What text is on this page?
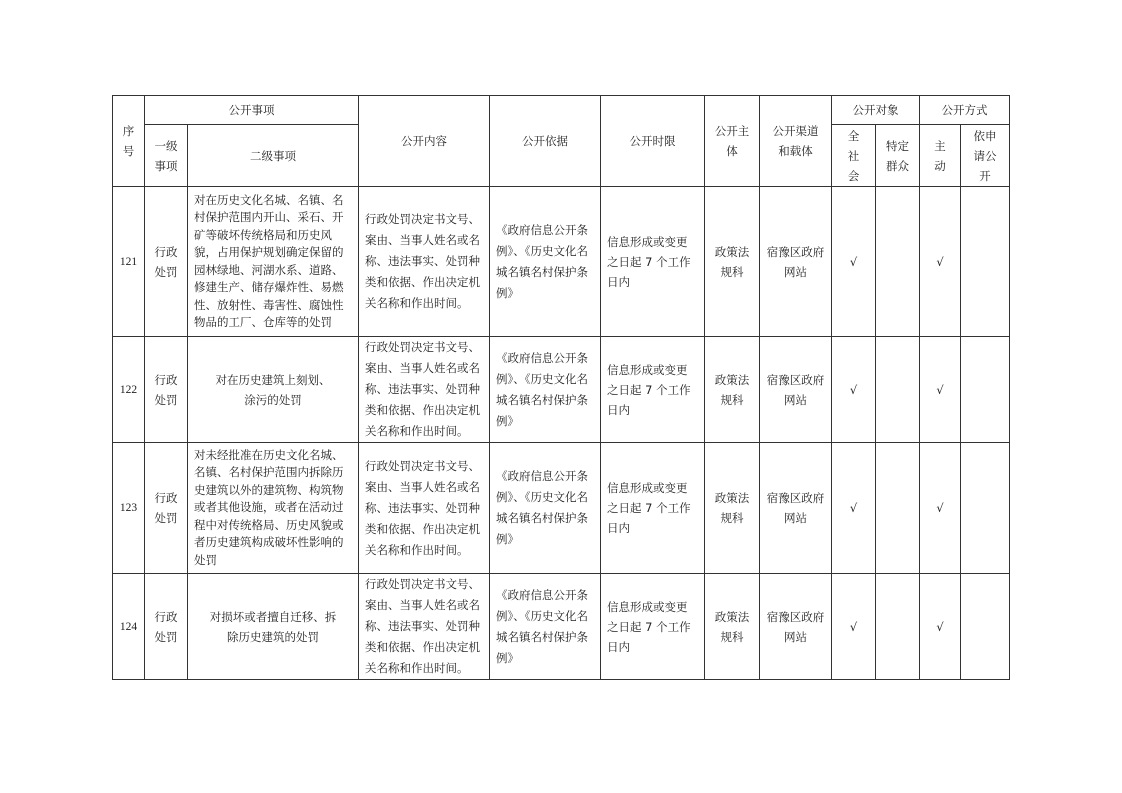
序号	公开事项		公开内容	公开依据	公开时限	公开主体	公开渠道和载体	公开对象		公开方式	
	一级事项	二级事项						全社会	特定群众	主动	依申请公开
121	行政处罚	对在历史文化名城、名镇、名村保护范围内开山、采石、开矿等破坏传统格局和历史风貌，占用保护规划确定保留的园林绿地、河湖水系、道路、修建生产、储存爆炸性、易燃性、放射性、毒害性、腐蚀性物品的工厂、仓库等的处罚	行政处罚决定书文号、案由、当事人姓名或名称、违法事实、处罚种类和依据、作出决定机关名称和作出时间。	《政府信息公开条例》、《历史文化名城名镇名村保护条例》	信息形成或变更之日起 7 个工作日内	政策法规科	宿豫区政府网站	√		√	
122	行政处罚	对在历史建筑上刻划、涂污的处罚	行政处罚决定书文号、案由、当事人姓名或名称、违法事实、处罚种类和依据、作出决定机关名称和作出时间。	《政府信息公开条例》、《历史文化名城名镇名村保护条例》	信息形成或变更之日起 7 个工作日内	政策法规科	宿豫区政府网站	√		√	
123	行政处罚	对未经批准在历史文化名城、名镇、名村保护范围内拆除历史建筑以外的建筑物、构筑物或者其他设施，或者在活动过程中对传统格局、历史风貌或者历史建筑构成破坏性影响的处罚	行政处罚决定书文号、案由、当事人姓名或名称、违法事实、处罚种类和依据、作出决定机关名称和作出时间。	《政府信息公开条例》、《历史文化名城名镇名村保护条例》	信息形成或变更之日起 7 个工作日内	政策法规科	宿豫区政府网站	√		√	
124	行政处罚	对损坏或者擅自迁移、拆除历史建筑的处罚	行政处罚决定书文号、案由、当事人姓名或名称、违法事实、处罚种类和依据、作出决定机关名称和作出时间。	《政府信息公开条例》、《历史文化名城名镇名村保护条例》	信息形成或变更之日起 7 个工作日内	政策法规科	宿豫区政府网站	√		√	
